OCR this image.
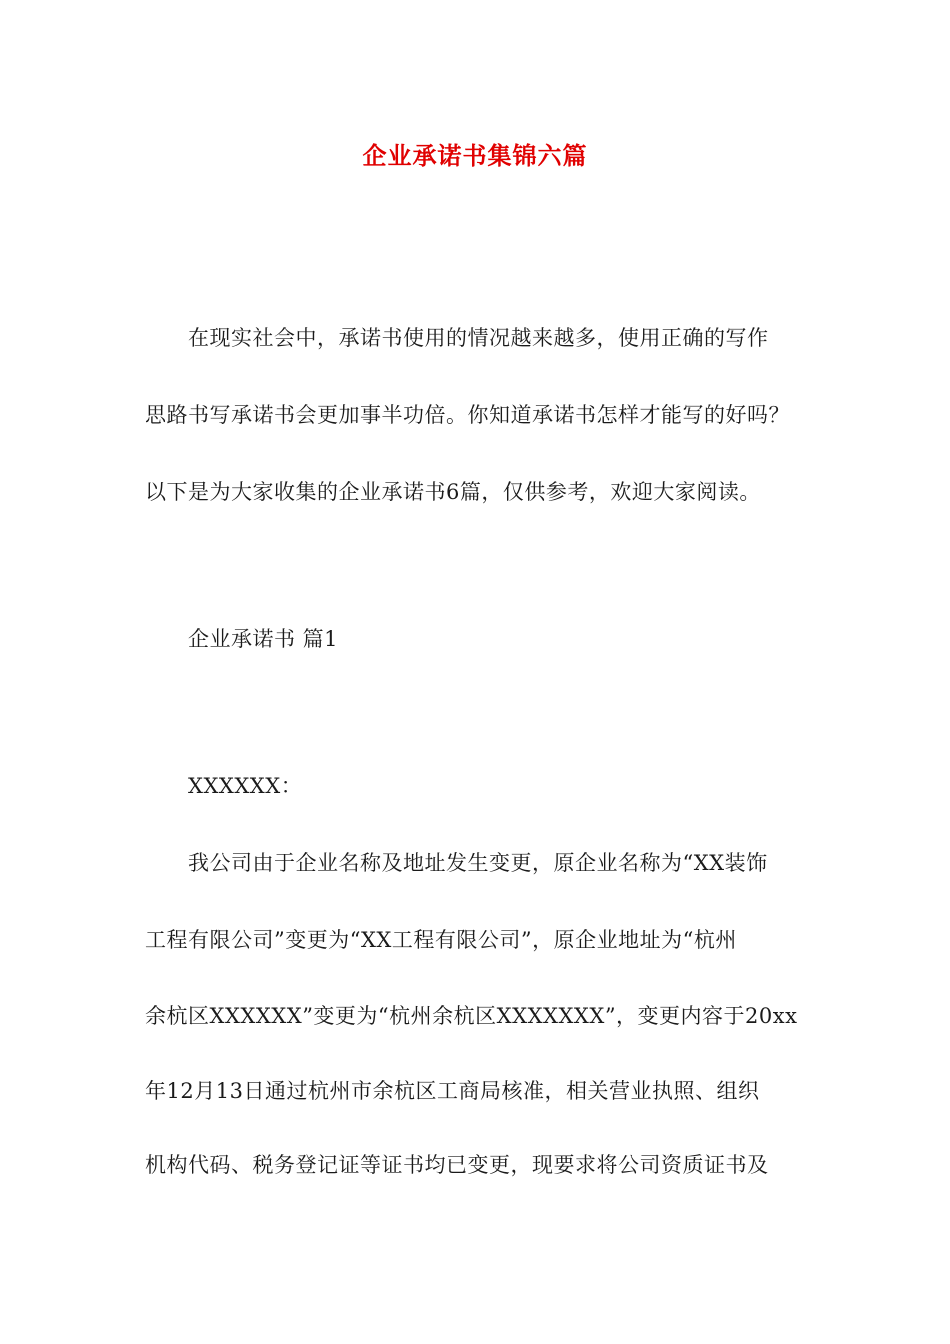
企业承诺书集锦六篇
在现实社会中，承诺书使用的情况越来越多，使用正确的写作
思路书写承诺书会更加事半功倍。你知道承诺书怎样才能写的好吗？
以下是为大家收集的企业承诺书6篇，仅供参考，欢迎大家阅读。
企业承诺书 篇1
XXXXXX：
我公司由于企业名称及地址发生变更，原企业名称为“XX装饰
工程有限公司”变更为“XX工程有限公司”，原企业地址为“杭州
余杭区XXXXXX”变更为“杭州余杭区XXXXXXX”，变更内容于20xx
年12月13日通过杭州市余杭区工商局核准，相关营业执照、组织
机构代码、税务登记证等证书均已变更，现要求将公司资质证书及
